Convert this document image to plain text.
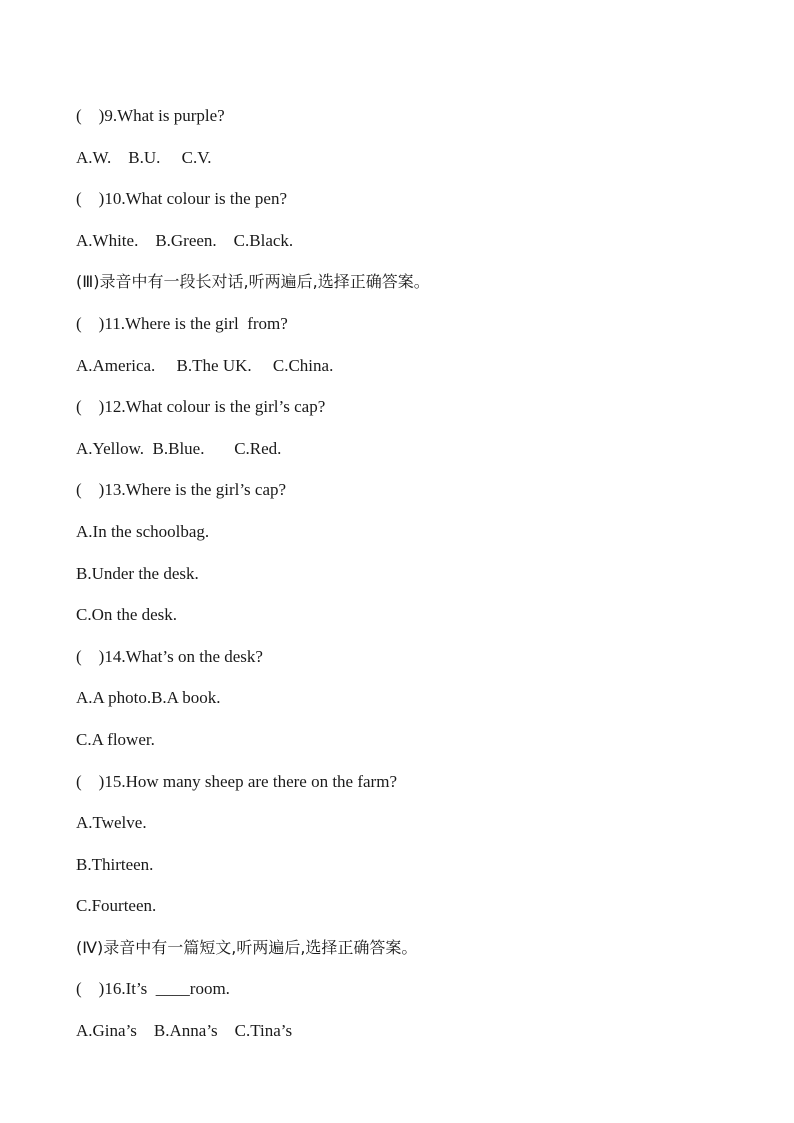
(    )9.What is purple?
A.W.    B.U.     C.V.
(    )10.What colour is the pen?
A.White.    B.Green.    C.Black.
(Ⅲ)录音中有一段长对话,听两遍后,选择正确答案。
(    )11.Where is the girl  from?
A.America.     B.The UK.     C.China.
(    )12.What colour is the girl’s cap?
A.Yellow.  B.Blue.       C.Red.
(    )13.Where is the girl’s cap?
A.In the schoolbag.
B.Under the desk.
C.On the desk.
(    )14.What’s on the desk?
A.A photo.B.A book.
C.A flower.
(    )15.How many sheep are there on the farm?
A.Twelve.
B.Thirteen.
C.Fourteen.
(Ⅳ)录音中有一篇短文,听两遍后,选择正确答案。
(    )16.It’s  ____room.
A.Gina’s    B.Anna’s    C.Tina’s
